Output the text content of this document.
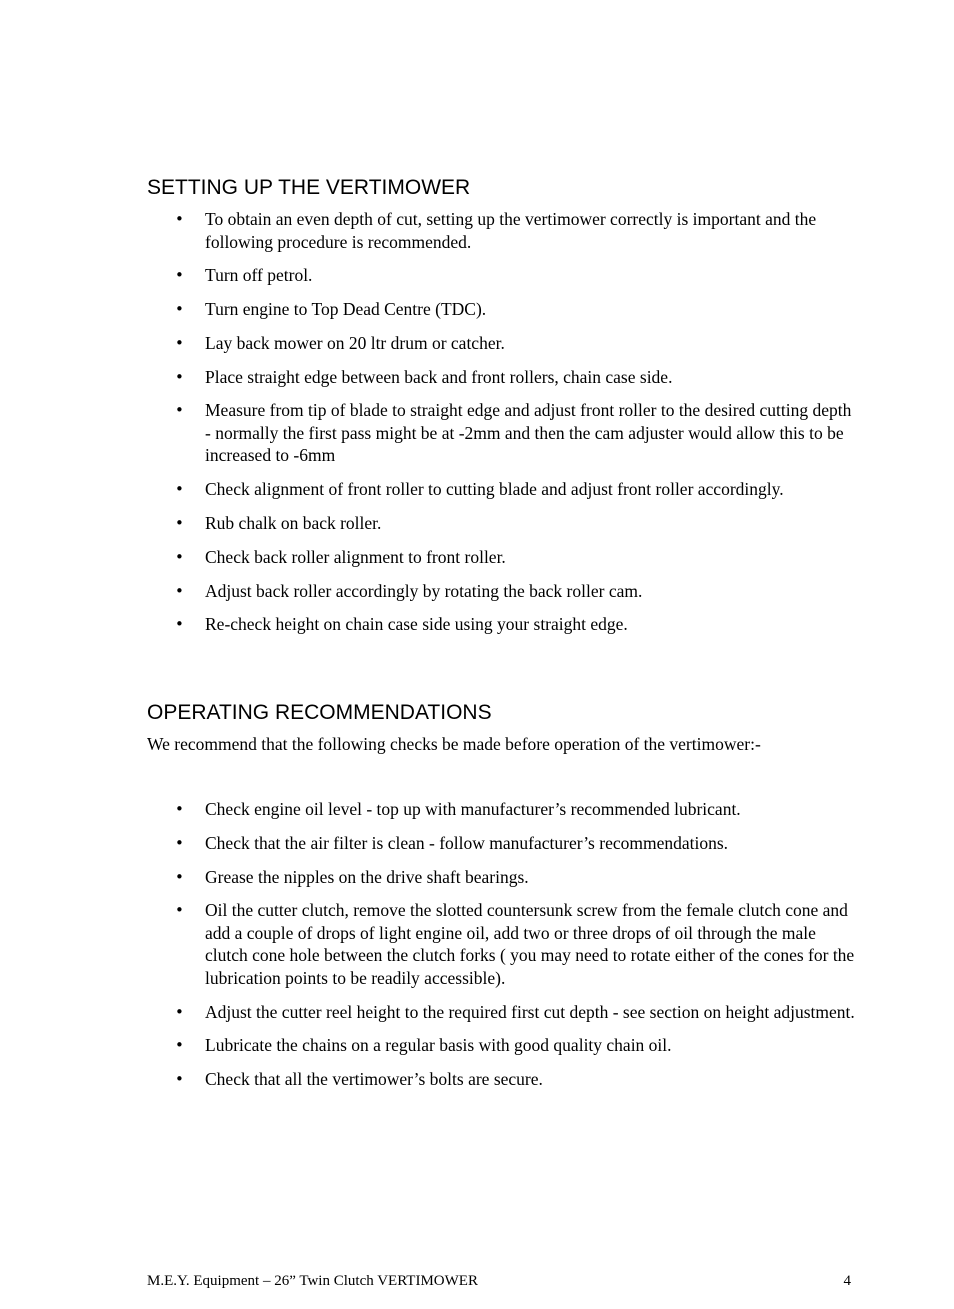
SETTING UP THE VERTIMOWER
• To obtain an even depth of cut, setting up the vertimower correctly is important and the following procedure is recommended.
• Turn off petrol.
• Turn engine to Top Dead Centre (TDC).
• Lay back mower on 20 ltr drum or catcher.
• Place straight edge between back and front rollers, chain case side.
• Measure from tip of blade to straight edge and adjust front roller to the desired cutting depth - normally the first pass might be at -2mm and then the cam adjuster would allow this to be increased to -6mm
• Check alignment of front roller to cutting blade and adjust front roller accordingly.
• Rub chalk on back roller.
• Check back roller alignment to front roller.
• Adjust back roller accordingly by rotating the back roller cam.
• Re-check height on chain case side using your straight edge.
OPERATING RECOMMENDATIONS

We recommend that the following checks be made before operation of the vertimower:-

• Check engine oil level - top up with manufacturer’s recommended lubricant.
• Check that the air filter is clean - follow manufacturer’s recommendations.
• Grease the nipples on the drive shaft bearings.
• Oil the cutter clutch, remove the slotted countersunk screw from the female clutch cone and add a couple of drops of light engine oil, add two or three drops of oil through the male clutch cone hole between the clutch forks ( you may need to rotate either of the cones for the lubrication points to be readily accessible).
• Adjust the cutter reel height to the required first cut depth - see section on height adjustment.
• Lubricate the chains on a regular basis with good quality chain oil.
• Check that all the vertimower’s bolts are secure.
M.E.Y. Equipment – 26” Twin Clutch VERTIMOWER	4
